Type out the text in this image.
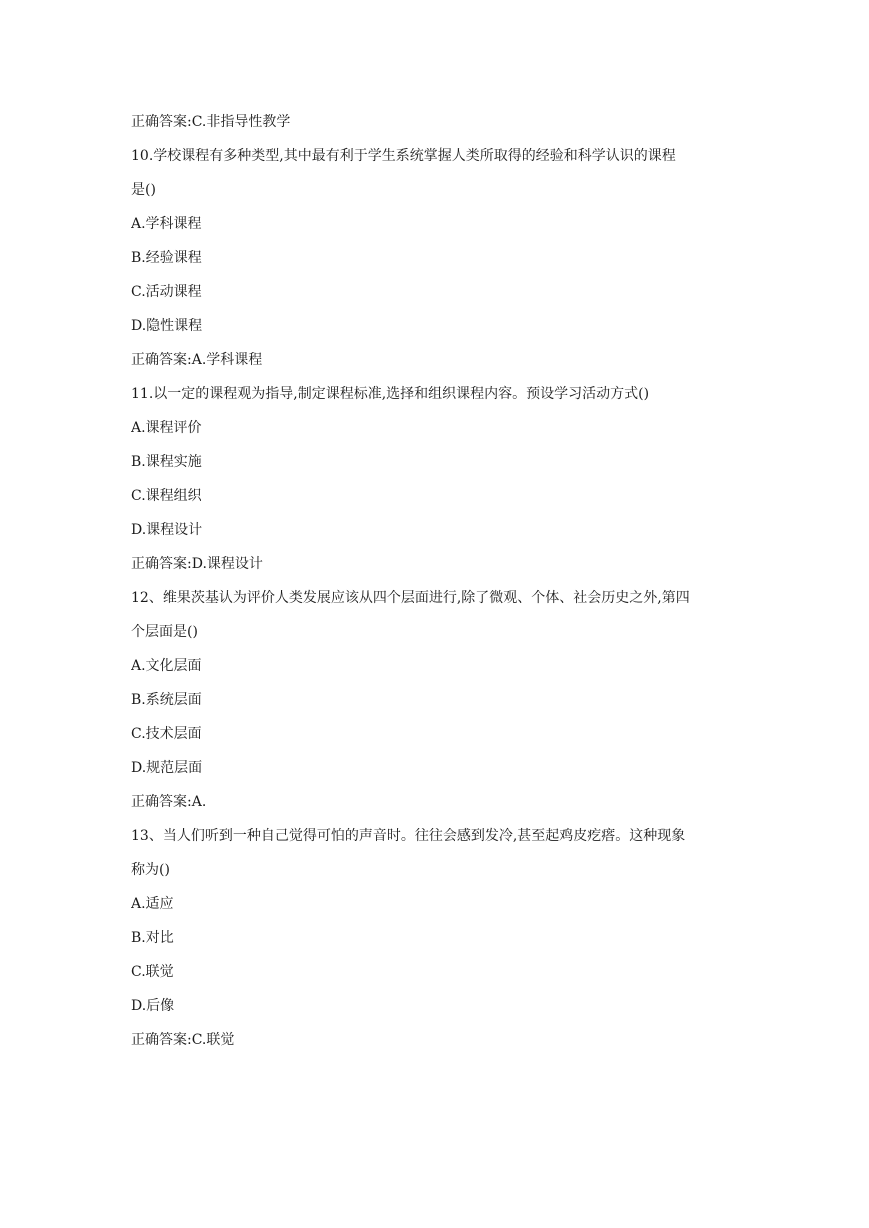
正确答案:C.非指导性教学
10.学校课程有多种类型,其中最有利于学生系统掌握人类所取得的经验和科学认识的课程
是()
A.学科课程
B.经验课程
C.活动课程
D.隐性课程
正确答案:A.学科课程
11.以一定的课程观为指导,制定课程标准,选择和组织课程内容。预设学习活动方式()
A.课程评价
B.课程实施
C.课程组织
D.课程设计
正确答案:D.课程设计
12、维果茨基认为评价人类发展应该从四个层面进行,除了微观、个体、社会历史之外,第四
个层面是()
A.文化层面
B.系统层面
C.技术层面
D.规范层面
正确答案:A.
13、当人们听到一种自己觉得可怕的声音时。往往会感到发冷,甚至起鸡皮疙瘩。这种现象
称为()
A.适应
B.对比
C.联觉
D.后像
正确答案:C.联觉
